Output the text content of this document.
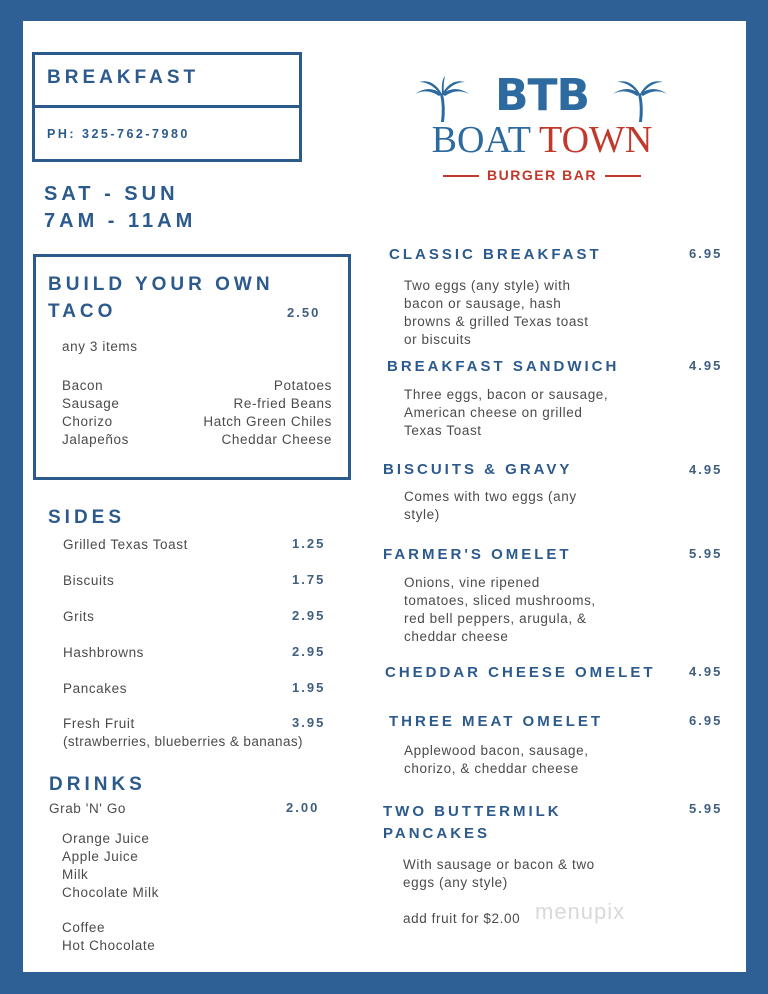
BREAKFAST
PH: 325-762-7980
SAT - SUN
7AM - 11AM
BTB
BOAT TOWN
BURGER BAR
BUILD YOUR OWN
TACO	2.50
any 3 items
Bacon	Potatoes
Sausage	Re-fried Beans
Chorizo	Hatch Green Chiles
Jalapeños	Cheddar Cheese
SIDES
Grilled Texas Toast	1.25
Biscuits	1.75
Grits	2.95
Hashbrowns	2.95
Pancakes	1.95
Fresh Fruit	3.95
(strawberries, blueberries & bananas)
DRINKS
Grab 'N' Go	2.00
Orange Juice
Apple Juice
Milk
Chocolate Milk
Coffee
Hot Chocolate
CLASSIC BREAKFAST	6.95
Two eggs (any style) with
bacon or sausage, hash
browns & grilled Texas toast
or biscuits
BREAKFAST SANDWICH	4.95
Three eggs, bacon or sausage,
American cheese on grilled
Texas Toast
BISCUITS & GRAVY	4.95
Comes with two eggs (any
style)
FARMER'S OMELET	5.95
Onions, vine ripened
tomatoes, sliced mushrooms,
red bell peppers, arugula, &
cheddar cheese
CHEDDAR CHEESE OMELET	4.95
THREE MEAT OMELET	6.95
Applewood bacon, sausage,
chorizo, & cheddar cheese
TWO BUTTERMILK
PANCAKES
5.95
With sausage or bacon & two
eggs (any style)
add fruit for $2.00 menupix
